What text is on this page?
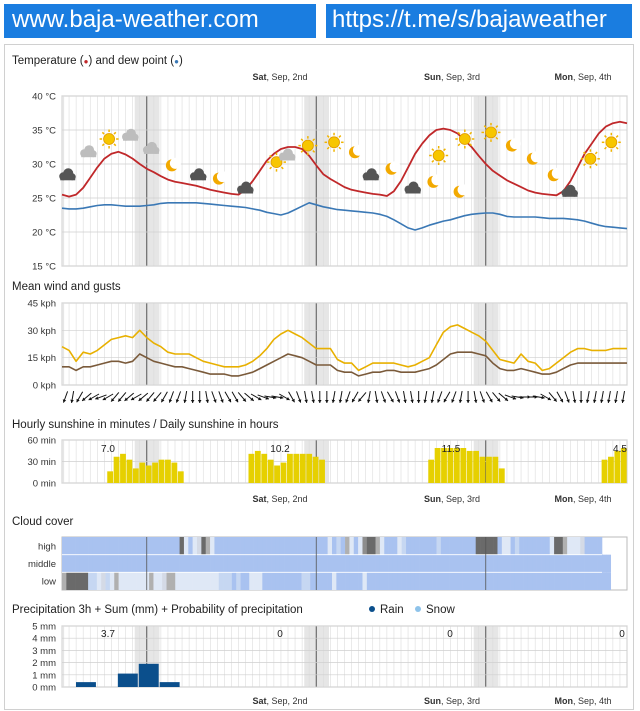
www.baja-weather.com	https://t.me/s/bajaweather
Temperature (●) and dew point (●)
Sat, Sep, 2nd	Sun, Sep, 3rd	Mon, Sep, 4th
40 °C
35 °C
30 °C
25 °C
20 °C
15 °C
Mean wind and gusts
45 kph
30 kph
15 kph
0 kph
Hourly sunshine in minutes / Daily sunshine in hours
60 min
30 min
0 min
7.0	10.2	11.5	4.5
Sat, Sep, 2nd	Sun, Sep, 3rd	Mon, Sep, 4th
Cloud cover
high
middle
low
Precipitation 3h + Sum (mm) + Probability of precipitation	Rain Snow
5 mm
4 mm
3 mm
2 mm
1 mm
0 mm
3.7	0	0	0
Sat, Sep, 2nd	Sun, Sep, 3rd	Mon, Sep, 4th
